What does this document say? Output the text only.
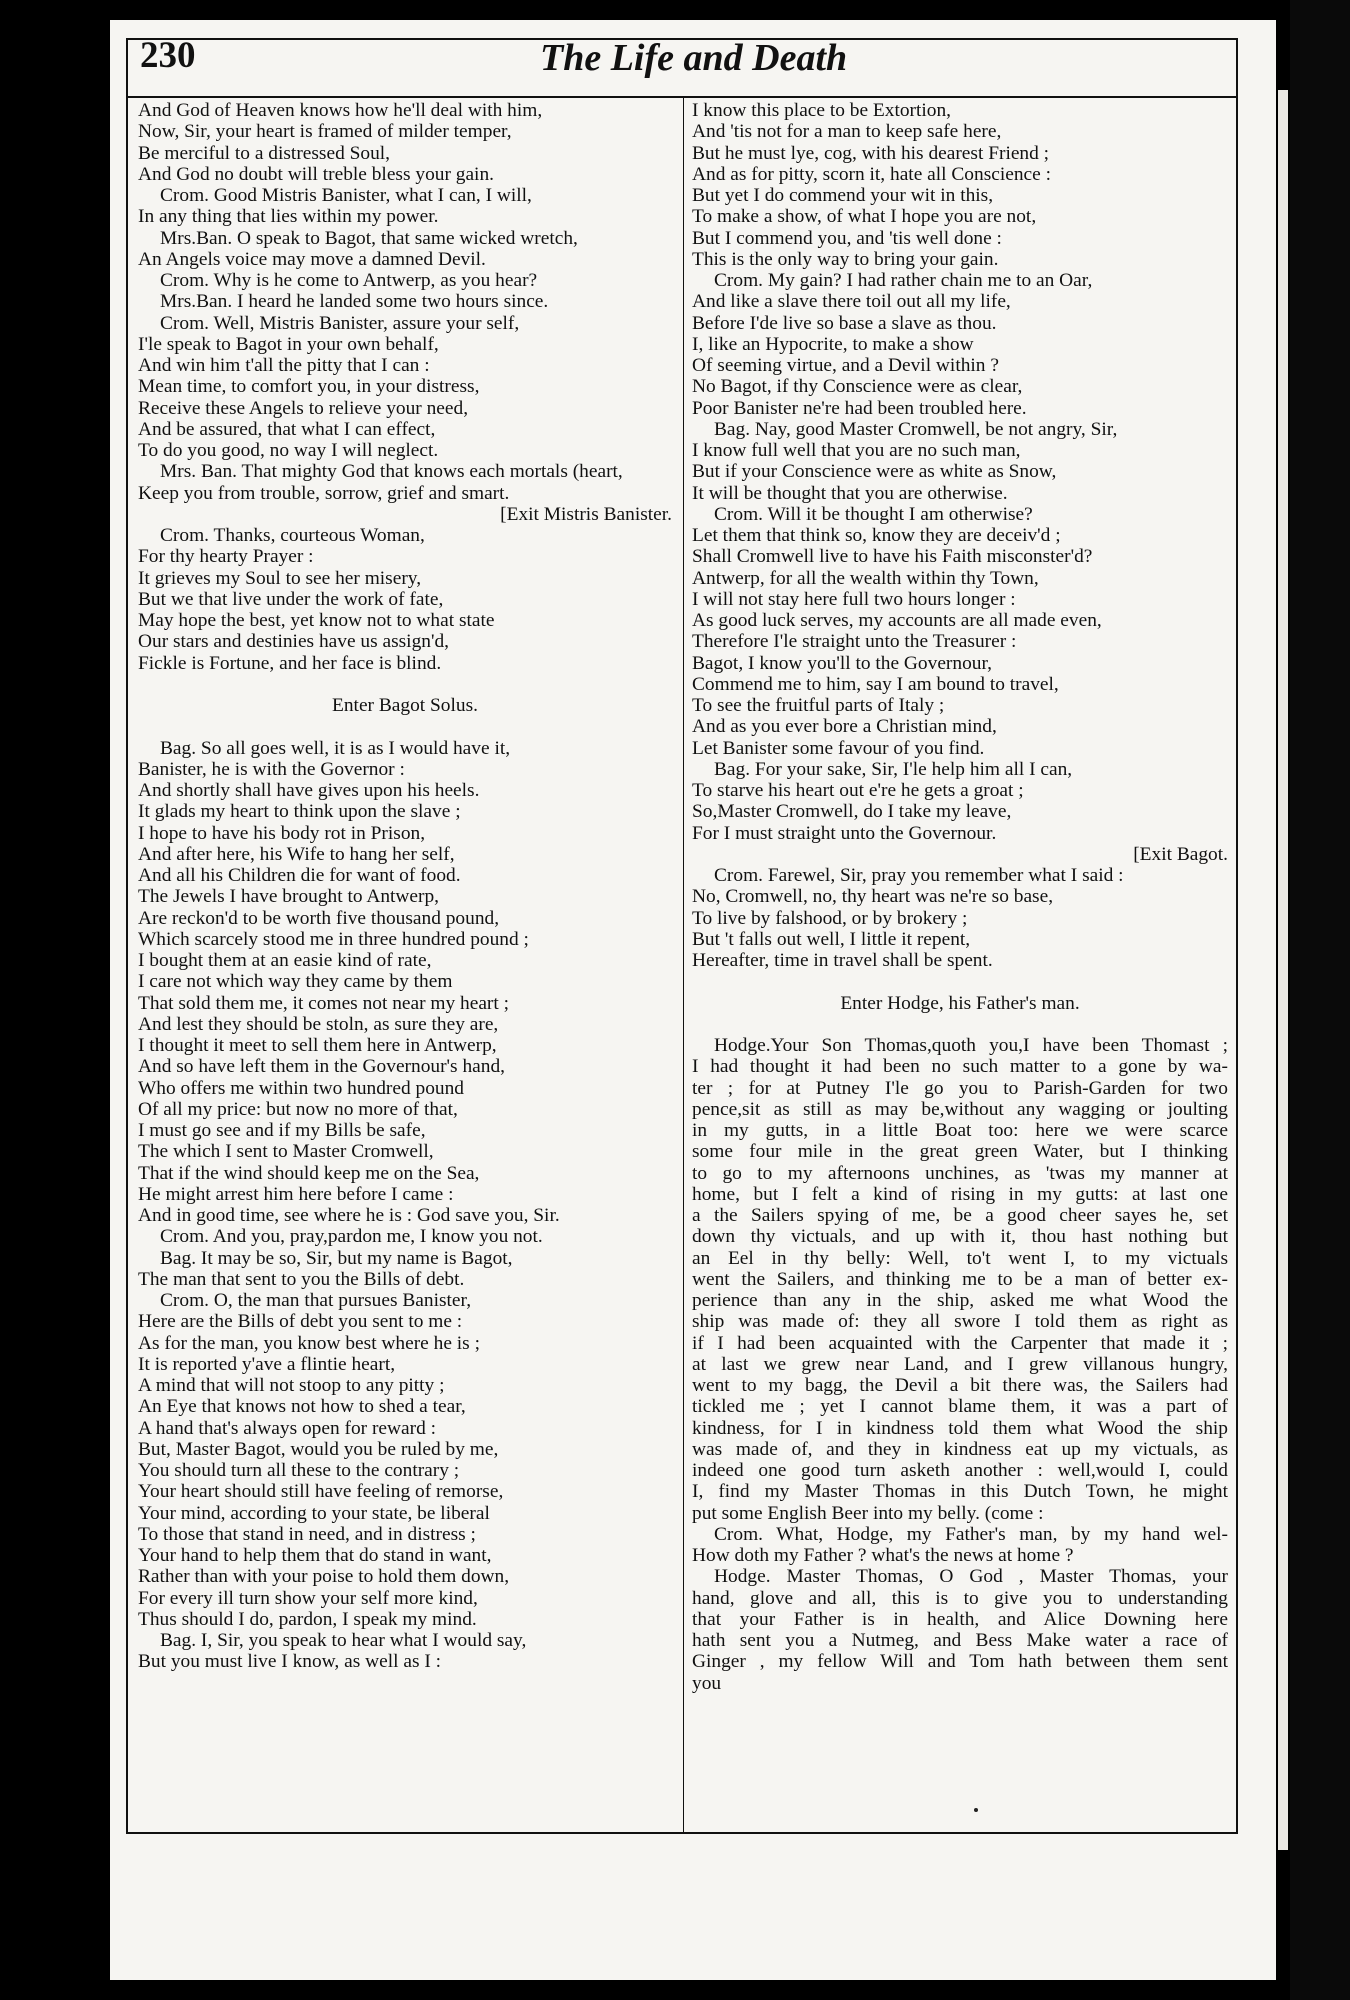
230	The Life and Death
And God of Heaven knows how he'll deal with him,
Now, Sir, your heart is framed of milder temper,
Be merciful to a distressed Soul,
And God no doubt will treble bless your gain.
Crom. Good Mistris Banister, what I can, I will,
In any thing that lies within my power.
Mrs.Ban. O speak to Bagot, that same wicked wretch,
An Angels voice may move a damned Devil.
Crom. Why is he come to Antwerp, as you hear?
Mrs.Ban. I heard he landed some two hours since.
Crom. Well, Mistris Banister, assure your self,
I'le speak to Bagot in your own behalf,
And win him t'all the pitty that I can :
Mean time, to comfort you, in your distress,
Receive these Angels to relieve your need,
And be assured, that what I can effect,
To do you good, no way I will neglect.
Mrs. Ban. That mighty God that knows each mortals (heart,
Keep you from trouble, sorrow, grief and smart.
[Exit Mistris Banister.
Crom. Thanks, courteous Woman,
For thy hearty Prayer :
It grieves my Soul to see her misery,
But we that live under the work of fate,
May hope the best, yet know not to what state
Our stars and destinies have us assign'd,
Fickle is Fortune, and her face is blind.
Enter Bagot Solus.
Bag. So all goes well, it is as I would have it,
Banister, he is with the Governor :
And shortly shall have gives upon his heels.
It glads my heart to think upon the slave ;
I hope to have his body rot in Prison,
And after here, his Wife to hang her self,
And all his Children die for want of food.
The Jewels I have brought to Antwerp,
Are reckon'd to be worth five thousand pound,
Which scarcely stood me in three hundred pound ;
I bought them at an easie kind of rate,
I care not which way they came by them
That sold them me, it comes not near my heart ;
And lest they should be stoln, as sure they are,
I thought it meet to sell them here in Antwerp,
And so have left them in the Governour's hand,
Who offers me within two hundred pound
Of all my price: but now no more of that,
I must go see and if my Bills be safe,
The which I sent to Master Cromwell,
That if the wind should keep me on the Sea,
He might arrest him here before I came :
And in good time, see where he is : God save you, Sir.
Crom. And you, pray,pardon me, I know you not.
Bag. It may be so, Sir, but my name is Bagot,
The man that sent to you the Bills of debt.
Crom. O, the man that pursues Banister,
Here are the Bills of debt you sent to me :
As for the man, you know best where he is ;
It is reported y'ave a flintie heart,
A mind that will not stoop to any pitty ;
An Eye that knows not how to shed a tear,
A hand that's always open for reward :
But, Master Bagot, would you be ruled by me,
You should turn all these to the contrary ;
Your heart should still have feeling of remorse,
Your mind, according to your state, be liberal
To those that stand in need, and in distress ;
Your hand to help them that do stand in want,
Rather than with your poise to hold them down,
For every ill turn show your self more kind,
Thus should I do, pardon, I speak my mind.
Bag. I, Sir, you speak to hear what I would say,
But you must live I know, as well as I :
I know this place to be Extortion,
And 'tis not for a man to keep safe here,
But he must lye, cog, with his dearest Friend ;
And as for pitty, scorn it, hate all Conscience :
But yet I do commend your wit in this,
To make a show, of what I hope you are not,
But I commend you, and 'tis well done :
This is the only way to bring your gain.
Crom. My gain? I had rather chain me to an Oar,
And like a slave there toil out all my life,
Before I'de live so base a slave as thou.
I, like an Hypocrite, to make a show
Of seeming virtue, and a Devil within ?
No Bagot, if thy Conscience were as clear,
Poor Banister ne're had been troubled here.
Bag. Nay, good Master Cromwell, be not angry, Sir,
I know full well that you are no such man,
But if your Conscience were as white as Snow,
It will be thought that you are otherwise.
Crom. Will it be thought I am otherwise?
Let them that think so, know they are deceiv'd ;
Shall Cromwell live to have his Faith misconster'd?
Antwerp, for all the wealth within thy Town,
I will not stay here full two hours longer :
As good luck serves, my accounts are all made even,
Therefore I'le straight unto the Treasurer :
Bagot, I know you'll to the Governour,
Commend me to him, say I am bound to travel,
To see the fruitful parts of Italy ;
And as you ever bore a Christian mind,
Let Banister some favour of you find.
Bag. For your sake, Sir, I'le help him all I can,
To starve his heart out e're he gets a groat ;
So,Master Cromwell, do I take my leave,
For I must straight unto the Governour.
[Exit Bagot.
Crom. Farewel, Sir, pray you remember what I said :
No, Cromwell, no, thy heart was ne're so base,
To live by falshood, or by brokery ;
But 't falls out well, I little it repent,
Hereafter, time in travel shall be spent.
Enter Hodge, his Father's man.
Hodge.Your Son Thomas,quoth you,I have been Thomast ;
I had thought it had been no such matter to a gone by wa-
ter ; for at Putney I'le go you to Parish-Garden for two
pence,sit as still as may be,without any wagging or joulting
in my gutts, in a little Boat too: here we were scarce
some four mile in the great green Water, but I thinking
to go to my afternoons unchines, as 'twas my manner at
home, but I felt a kind of rising in my gutts: at last one
a the Sailers spying of me, be a good cheer sayes he, set
down thy victuals, and up with it, thou hast nothing but
an Eel in thy belly: Well, to't went I, to my victuals
went the Sailers, and thinking me to be a man of better ex-
perience than any in the ship, asked me what Wood the
ship was made of: they all swore I told them as right as
if I had been acquainted with the Carpenter that made it ;
at last we grew near Land, and I grew villanous hungry,
went to my bagg, the Devil a bit there was, the Sailers had
tickled me ; yet I cannot blame them, it was a part of
kindness, for I in kindness told them what Wood the ship
was made of, and they in kindness eat up my victuals, as
indeed one good turn asketh another : well,would I, could
I, find my Master Thomas in this Dutch Town, he might
put some English Beer into my belly. (come :
Crom. What, Hodge, my Father's man, by my hand wel-
How doth my Father ? what's the news at home ?
Hodge. Master Thomas, O God , Master Thomas, your
hand, glove and all, this is to give you to understanding
that your Father is in health, and Alice Downing here
hath sent you a Nutmeg, and Bess Make water a race of
Ginger , my fellow Will and Tom hath between them sent
you
